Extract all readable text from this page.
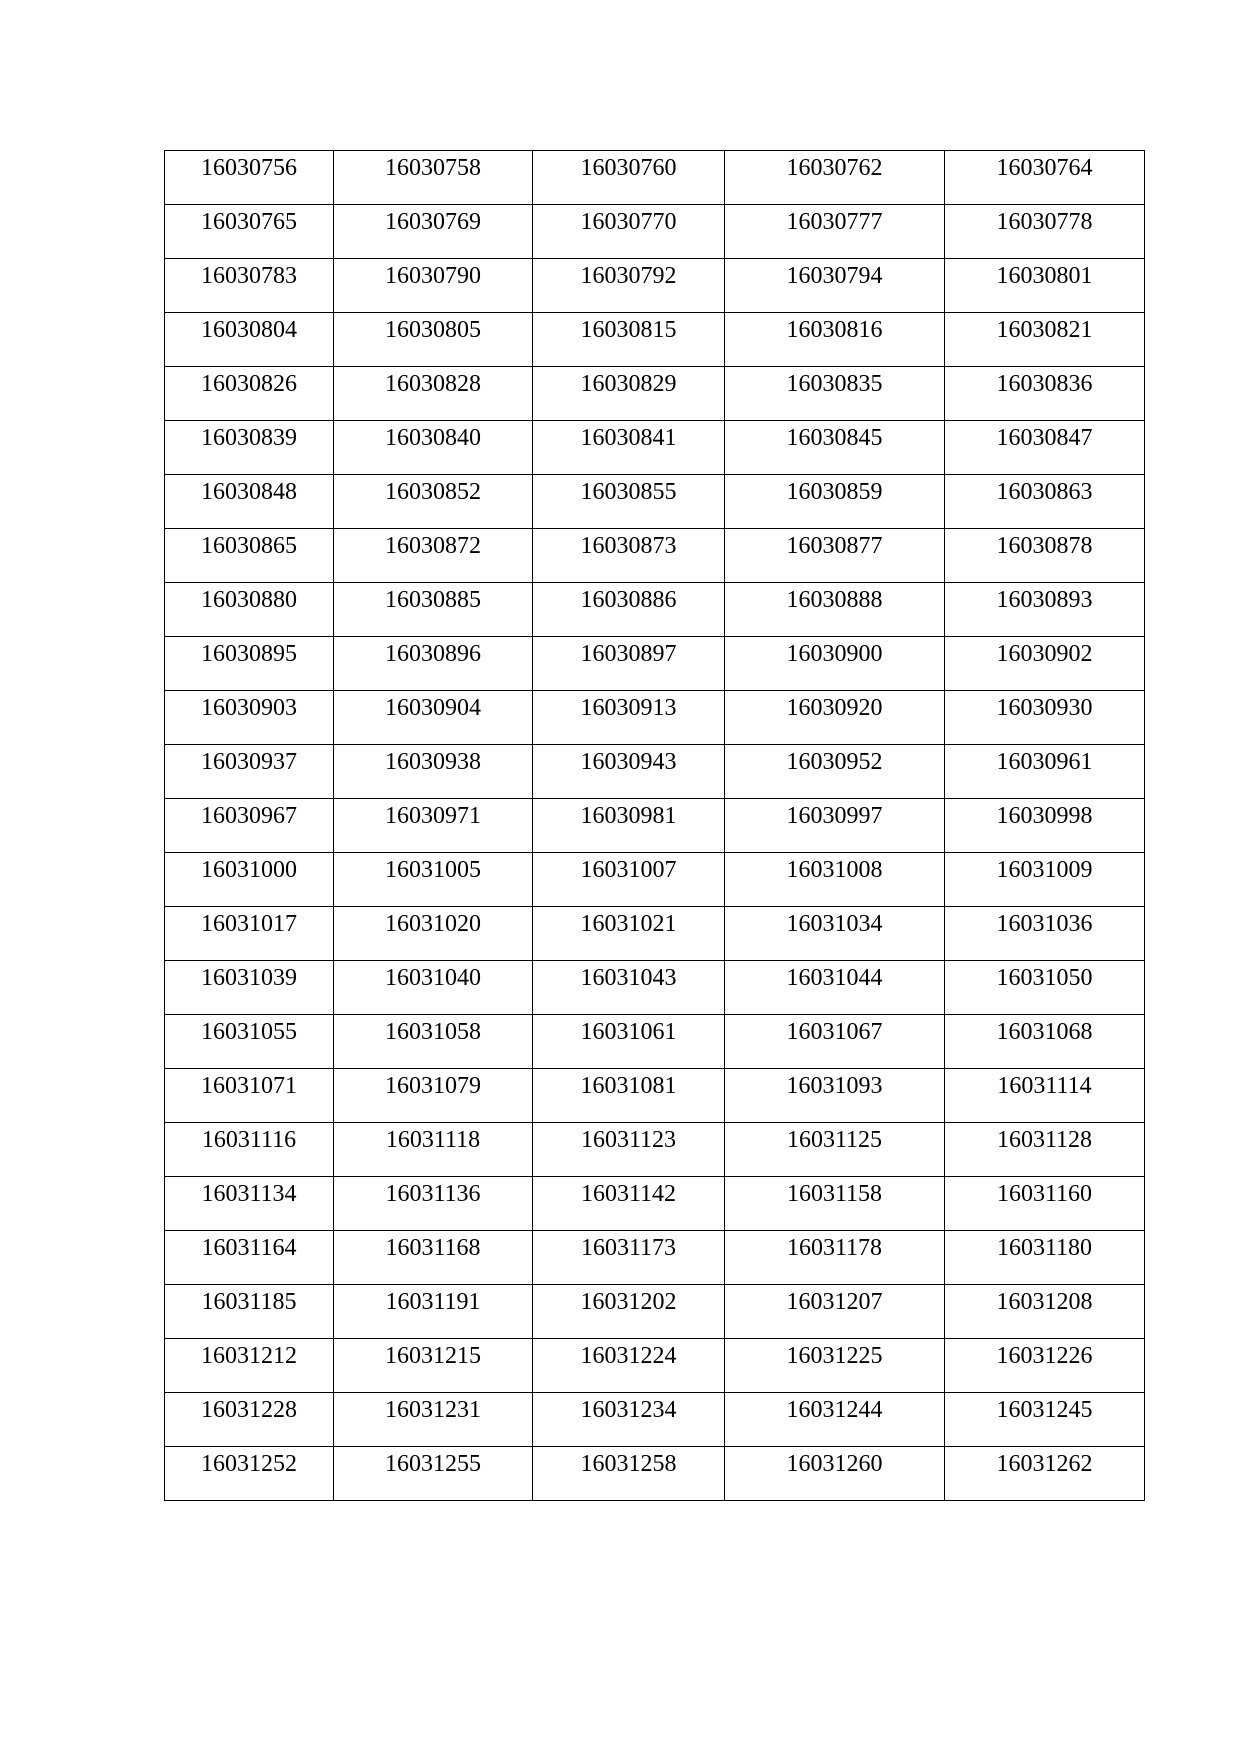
16030756	16030758	16030760	16030762	16030764
16030765	16030769	16030770	16030777	16030778
16030783	16030790	16030792	16030794	16030801
16030804	16030805	16030815	16030816	16030821
16030826	16030828	16030829	16030835	16030836
16030839	16030840	16030841	16030845	16030847
16030848	16030852	16030855	16030859	16030863
16030865	16030872	16030873	16030877	16030878
16030880	16030885	16030886	16030888	16030893
16030895	16030896	16030897	16030900	16030902
16030903	16030904	16030913	16030920	16030930
16030937	16030938	16030943	16030952	16030961
16030967	16030971	16030981	16030997	16030998
16031000	16031005	16031007	16031008	16031009
16031017	16031020	16031021	16031034	16031036
16031039	16031040	16031043	16031044	16031050
16031055	16031058	16031061	16031067	16031068
16031071	16031079	16031081	16031093	16031114
16031116	16031118	16031123	16031125	16031128
16031134	16031136	16031142	16031158	16031160
16031164	16031168	16031173	16031178	16031180
16031185	16031191	16031202	16031207	16031208
16031212	16031215	16031224	16031225	16031226
16031228	16031231	16031234	16031244	16031245
16031252	16031255	16031258	16031260	16031262
